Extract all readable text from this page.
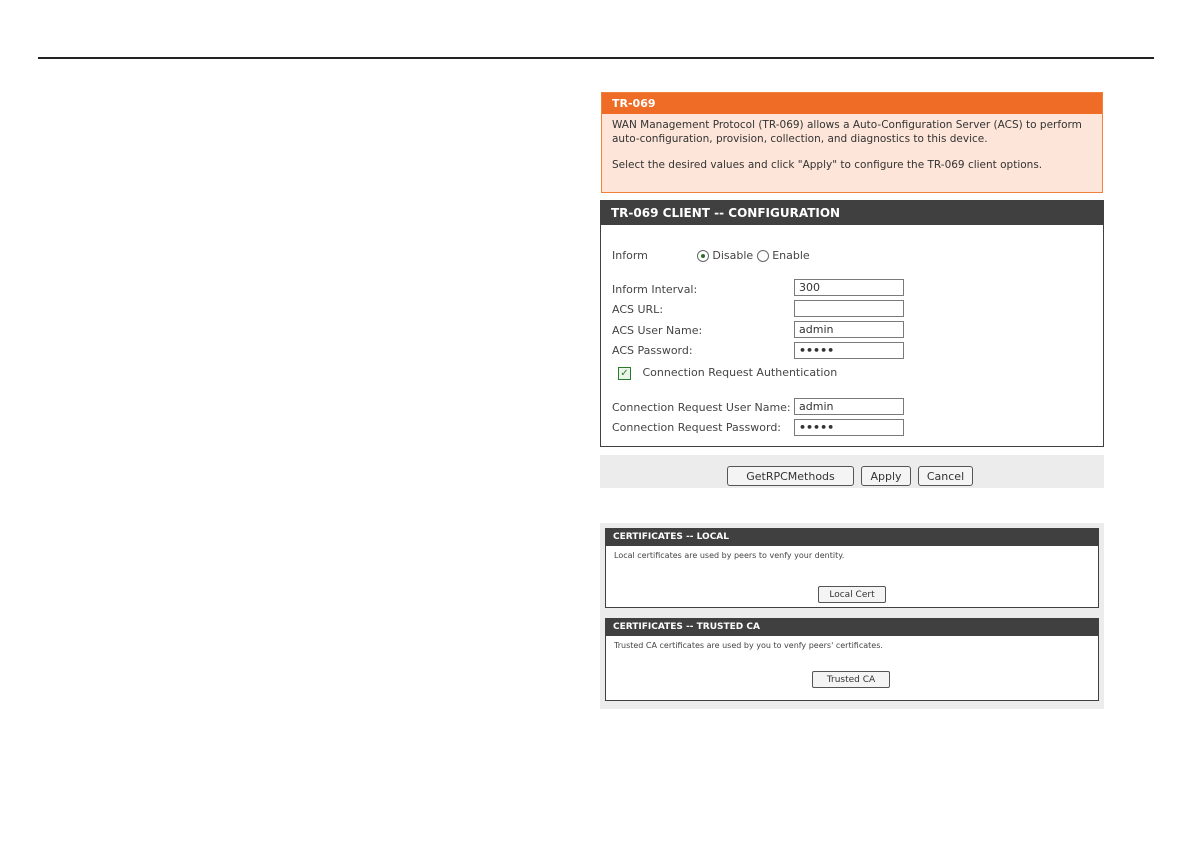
TR-069

WAN Management Protocol (TR-069) allows a Auto-Configuration Server (ACS) to perform auto-configuration, provision, collection, and diagnostics to this device.

Select the desired values and click "Apply" to configure the TR-069 client options.

TR-069 CLIENT -- CONFIGURATION
Inform	Disable Enable
Inform Interval:	300
ACS URL:
ACS User Name:	admin
ACS Password:	•••••
✓ Connection Request Authentication
Connection Request User Name: admin
Connection Request Password:	•••••
GetRPCMethods	Apply	Cancel
CERTIFICATES -- LOCAL

Local certificates are used by peers to venfy your dentity.

Local Cert
CERTIFICATES -- TRUSTED CA

Trusted CA certificates are used by you to venfy peers' certificates.

Trusted CA
